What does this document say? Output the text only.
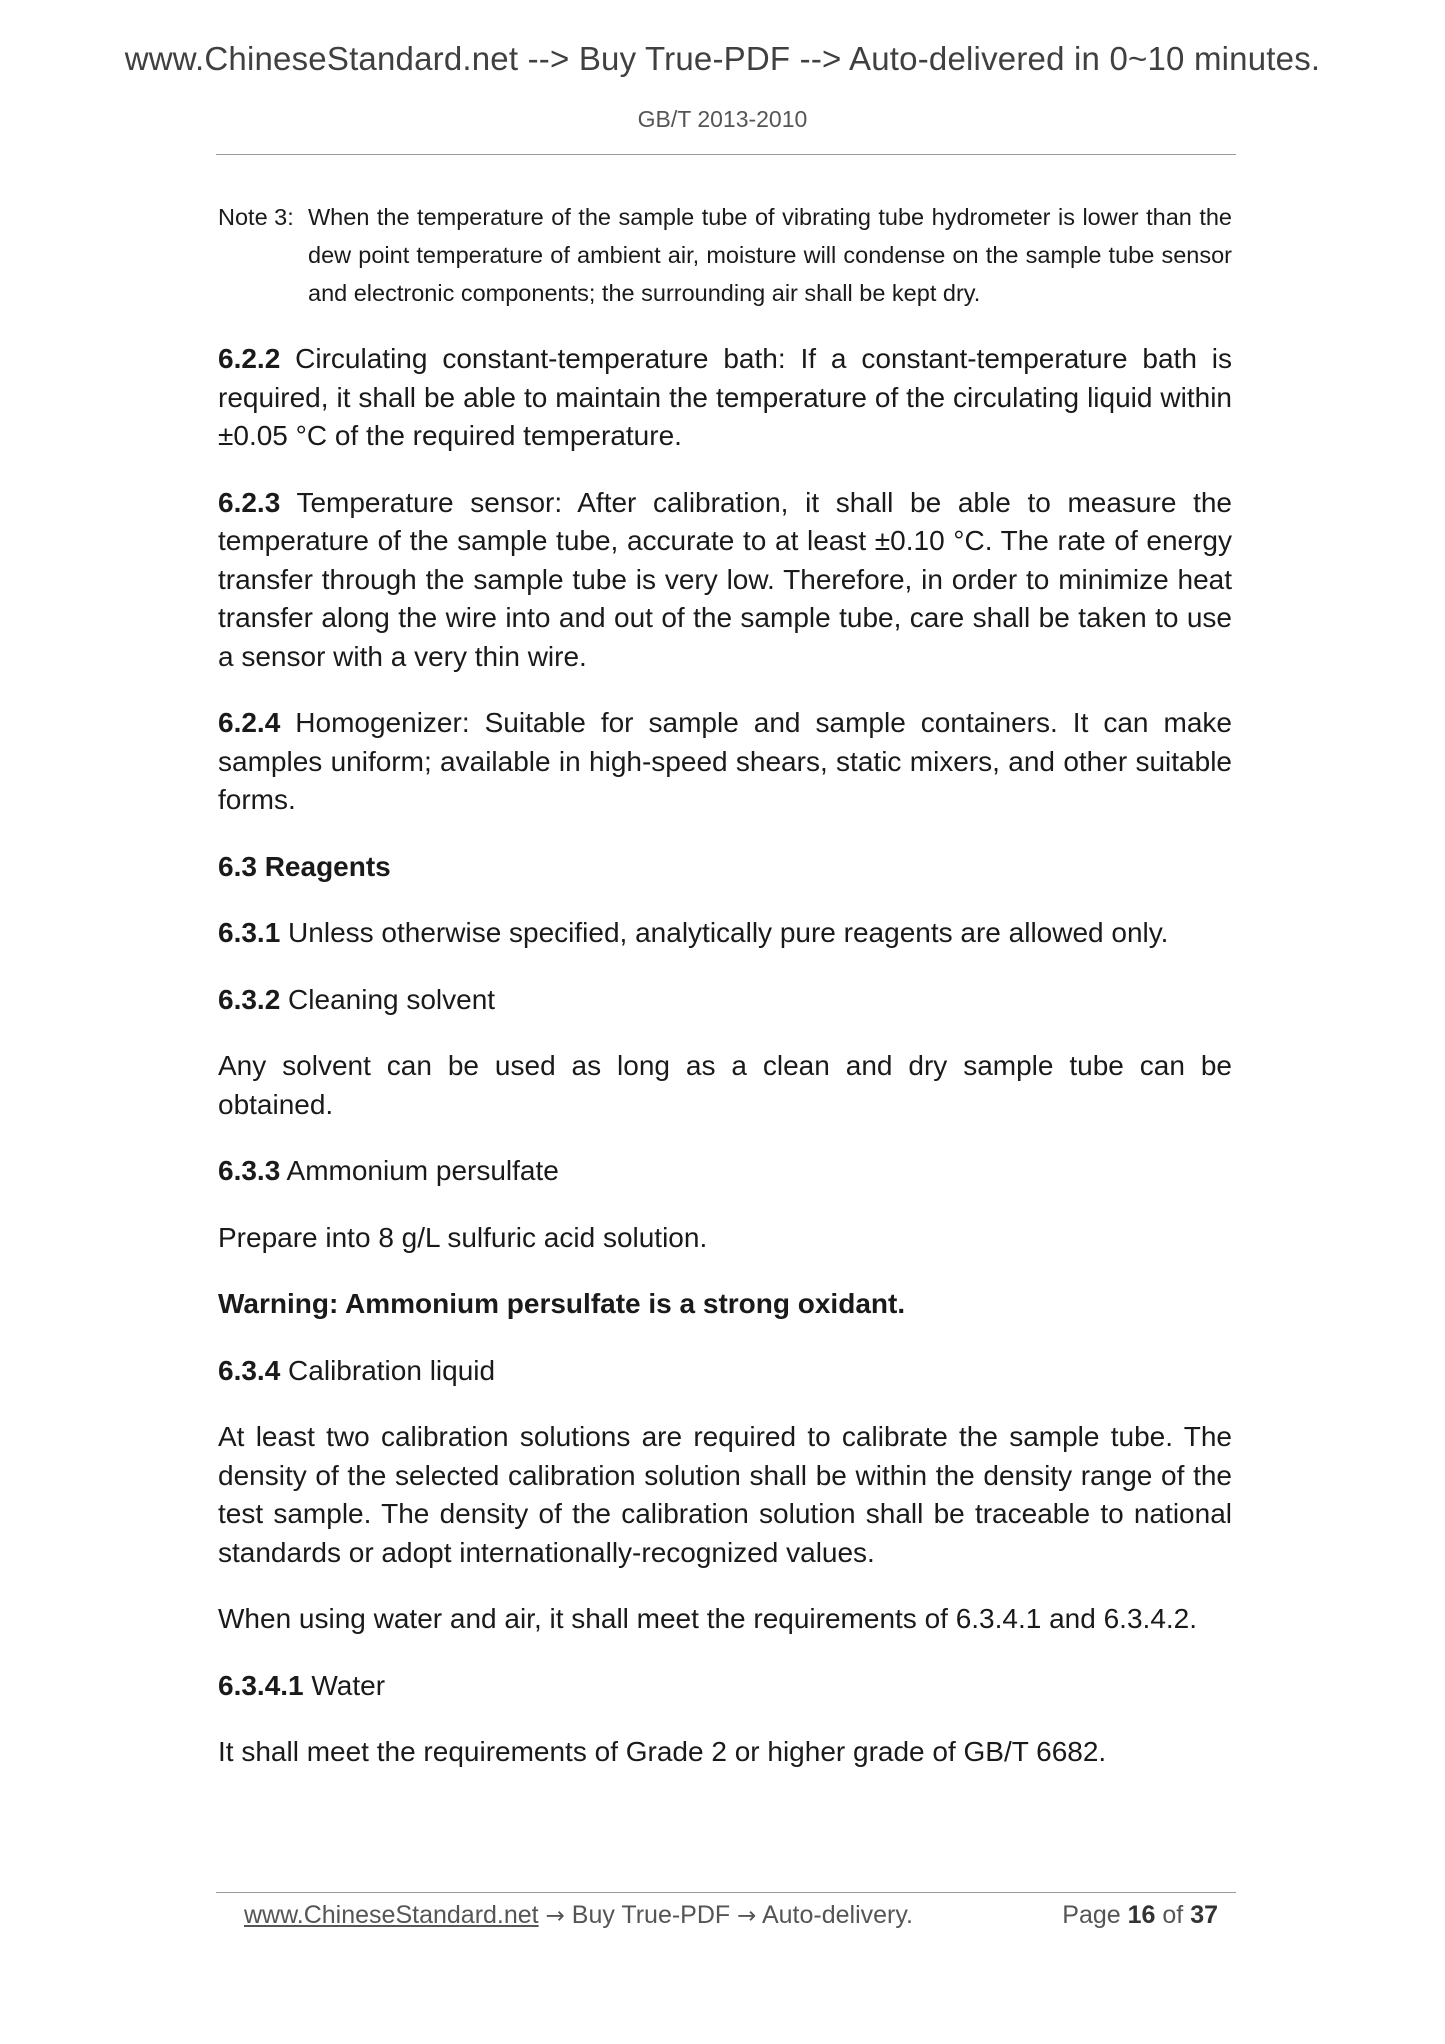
www.ChineseStandard.net --> Buy True-PDF --> Auto-delivered in 0~10 minutes.
GB/T 2013-2010
Note 3: When the temperature of the sample tube of vibrating tube hydrometer is lower than the dew point temperature of ambient air, moisture will condense on the sample tube sensor and electronic components; the surrounding air shall be kept dry.

6.2.2 Circulating constant-temperature bath: If a constant-temperature bath is required, it shall be able to maintain the temperature of the circulating liquid within ±0.05 °C of the required temperature.

6.2.3 Temperature sensor: After calibration, it shall be able to measure the temperature of the sample tube, accurate to at least ±0.10 °C. The rate of energy transfer through the sample tube is very low. Therefore, in order to minimize heat transfer along the wire into and out of the sample tube, care shall be taken to use a sensor with a very thin wire.

6.2.4 Homogenizer: Suitable for sample and sample containers. It can make samples uniform; available in high-speed shears, static mixers, and other suitable forms.

6.3 Reagents

6.3.1 Unless otherwise specified, analytically pure reagents are allowed only.

6.3.2 Cleaning solvent

Any solvent can be used as long as a clean and dry sample tube can be obtained.

6.3.3 Ammonium persulfate

Prepare into 8 g/L sulfuric acid solution.

Warning: Ammonium persulfate is a strong oxidant.

6.3.4 Calibration liquid

At least two calibration solutions are required to calibrate the sample tube. The density of the selected calibration solution shall be within the density range of the test sample. The density of the calibration solution shall be traceable to national standards or adopt internationally-recognized values.

When using water and air, it shall meet the requirements of 6.3.4.1 and 6.3.4.2.

6.3.4.1 Water

It shall meet the requirements of Grade 2 or higher grade of GB/T 6682.

www.ChineseStandard.net → Buy True-PDF → Auto-delivery.	Page 16 of 37
